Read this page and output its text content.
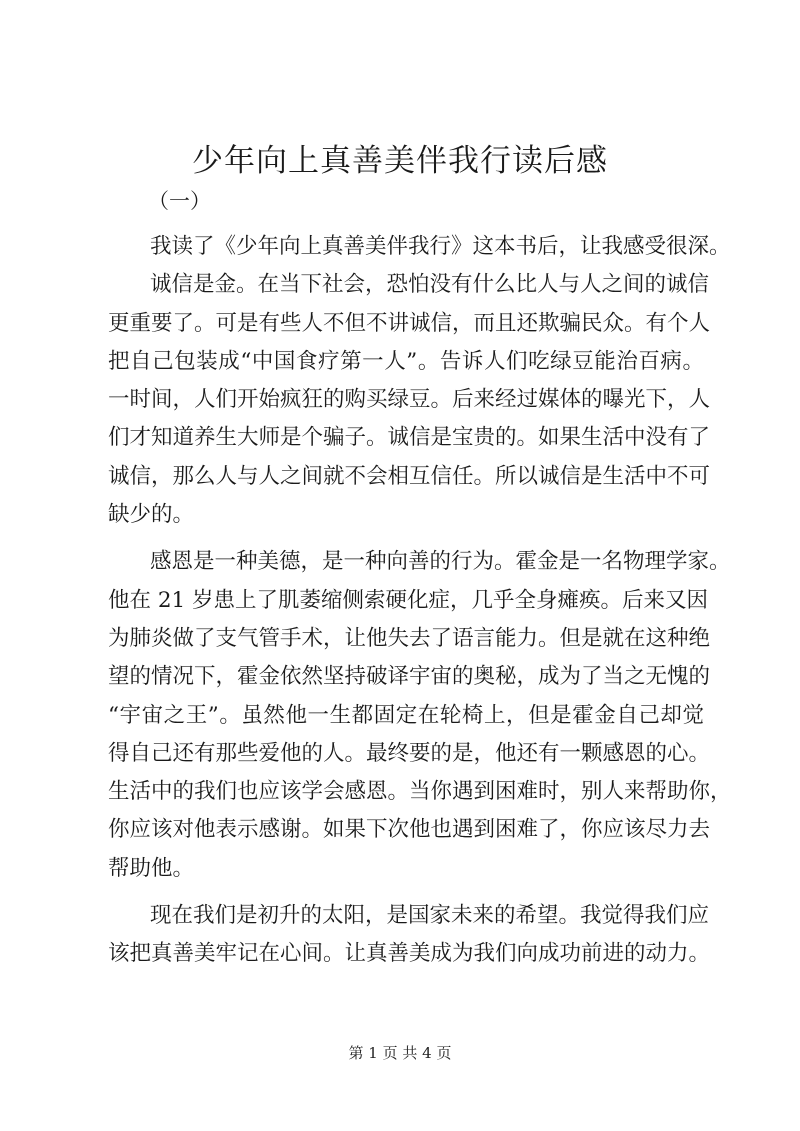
少年向上真善美伴我行读后感
（一）
我读了《少年向上真善美伴我行》这本书后，让我感受很深。
诚信是金。在当下社会，恐怕没有什么比人与人之间的诚信
更重要了。可是有些人不但不讲诚信，而且还欺骗民众。有个人
把自己包装成“中国食疗第一人”。告诉人们吃绿豆能治百病。
一时间，人们开始疯狂的购买绿豆。后来经过媒体的曝光下，人
们才知道养生大师是个骗子。诚信是宝贵的。如果生活中没有了
诚信，那么人与人之间就不会相互信任。所以诚信是生活中不可
缺少的。
感恩是一种美德，是一种向善的行为。霍金是一名物理学家。
他在 21 岁患上了肌萎缩侧索硬化症，几乎全身瘫痪。后来又因
为肺炎做了支气管手术，让他失去了语言能力。但是就在这种绝
望的情况下，霍金依然坚持破译宇宙的奥秘，成为了当之无愧的
“宇宙之王”。虽然他一生都固定在轮椅上，但是霍金自己却觉
得自己还有那些爱他的人。最终要的是，他还有一颗感恩的心。
生活中的我们也应该学会感恩。当你遇到困难时，别人来帮助你，
你应该对他表示感谢。如果下次他也遇到困难了，你应该尽力去
帮助他。
现在我们是初升的太阳，是国家未来的希望。我觉得我们应
该把真善美牢记在心间。让真善美成为我们向成功前进的动力。
第 1 页 共 4 页
